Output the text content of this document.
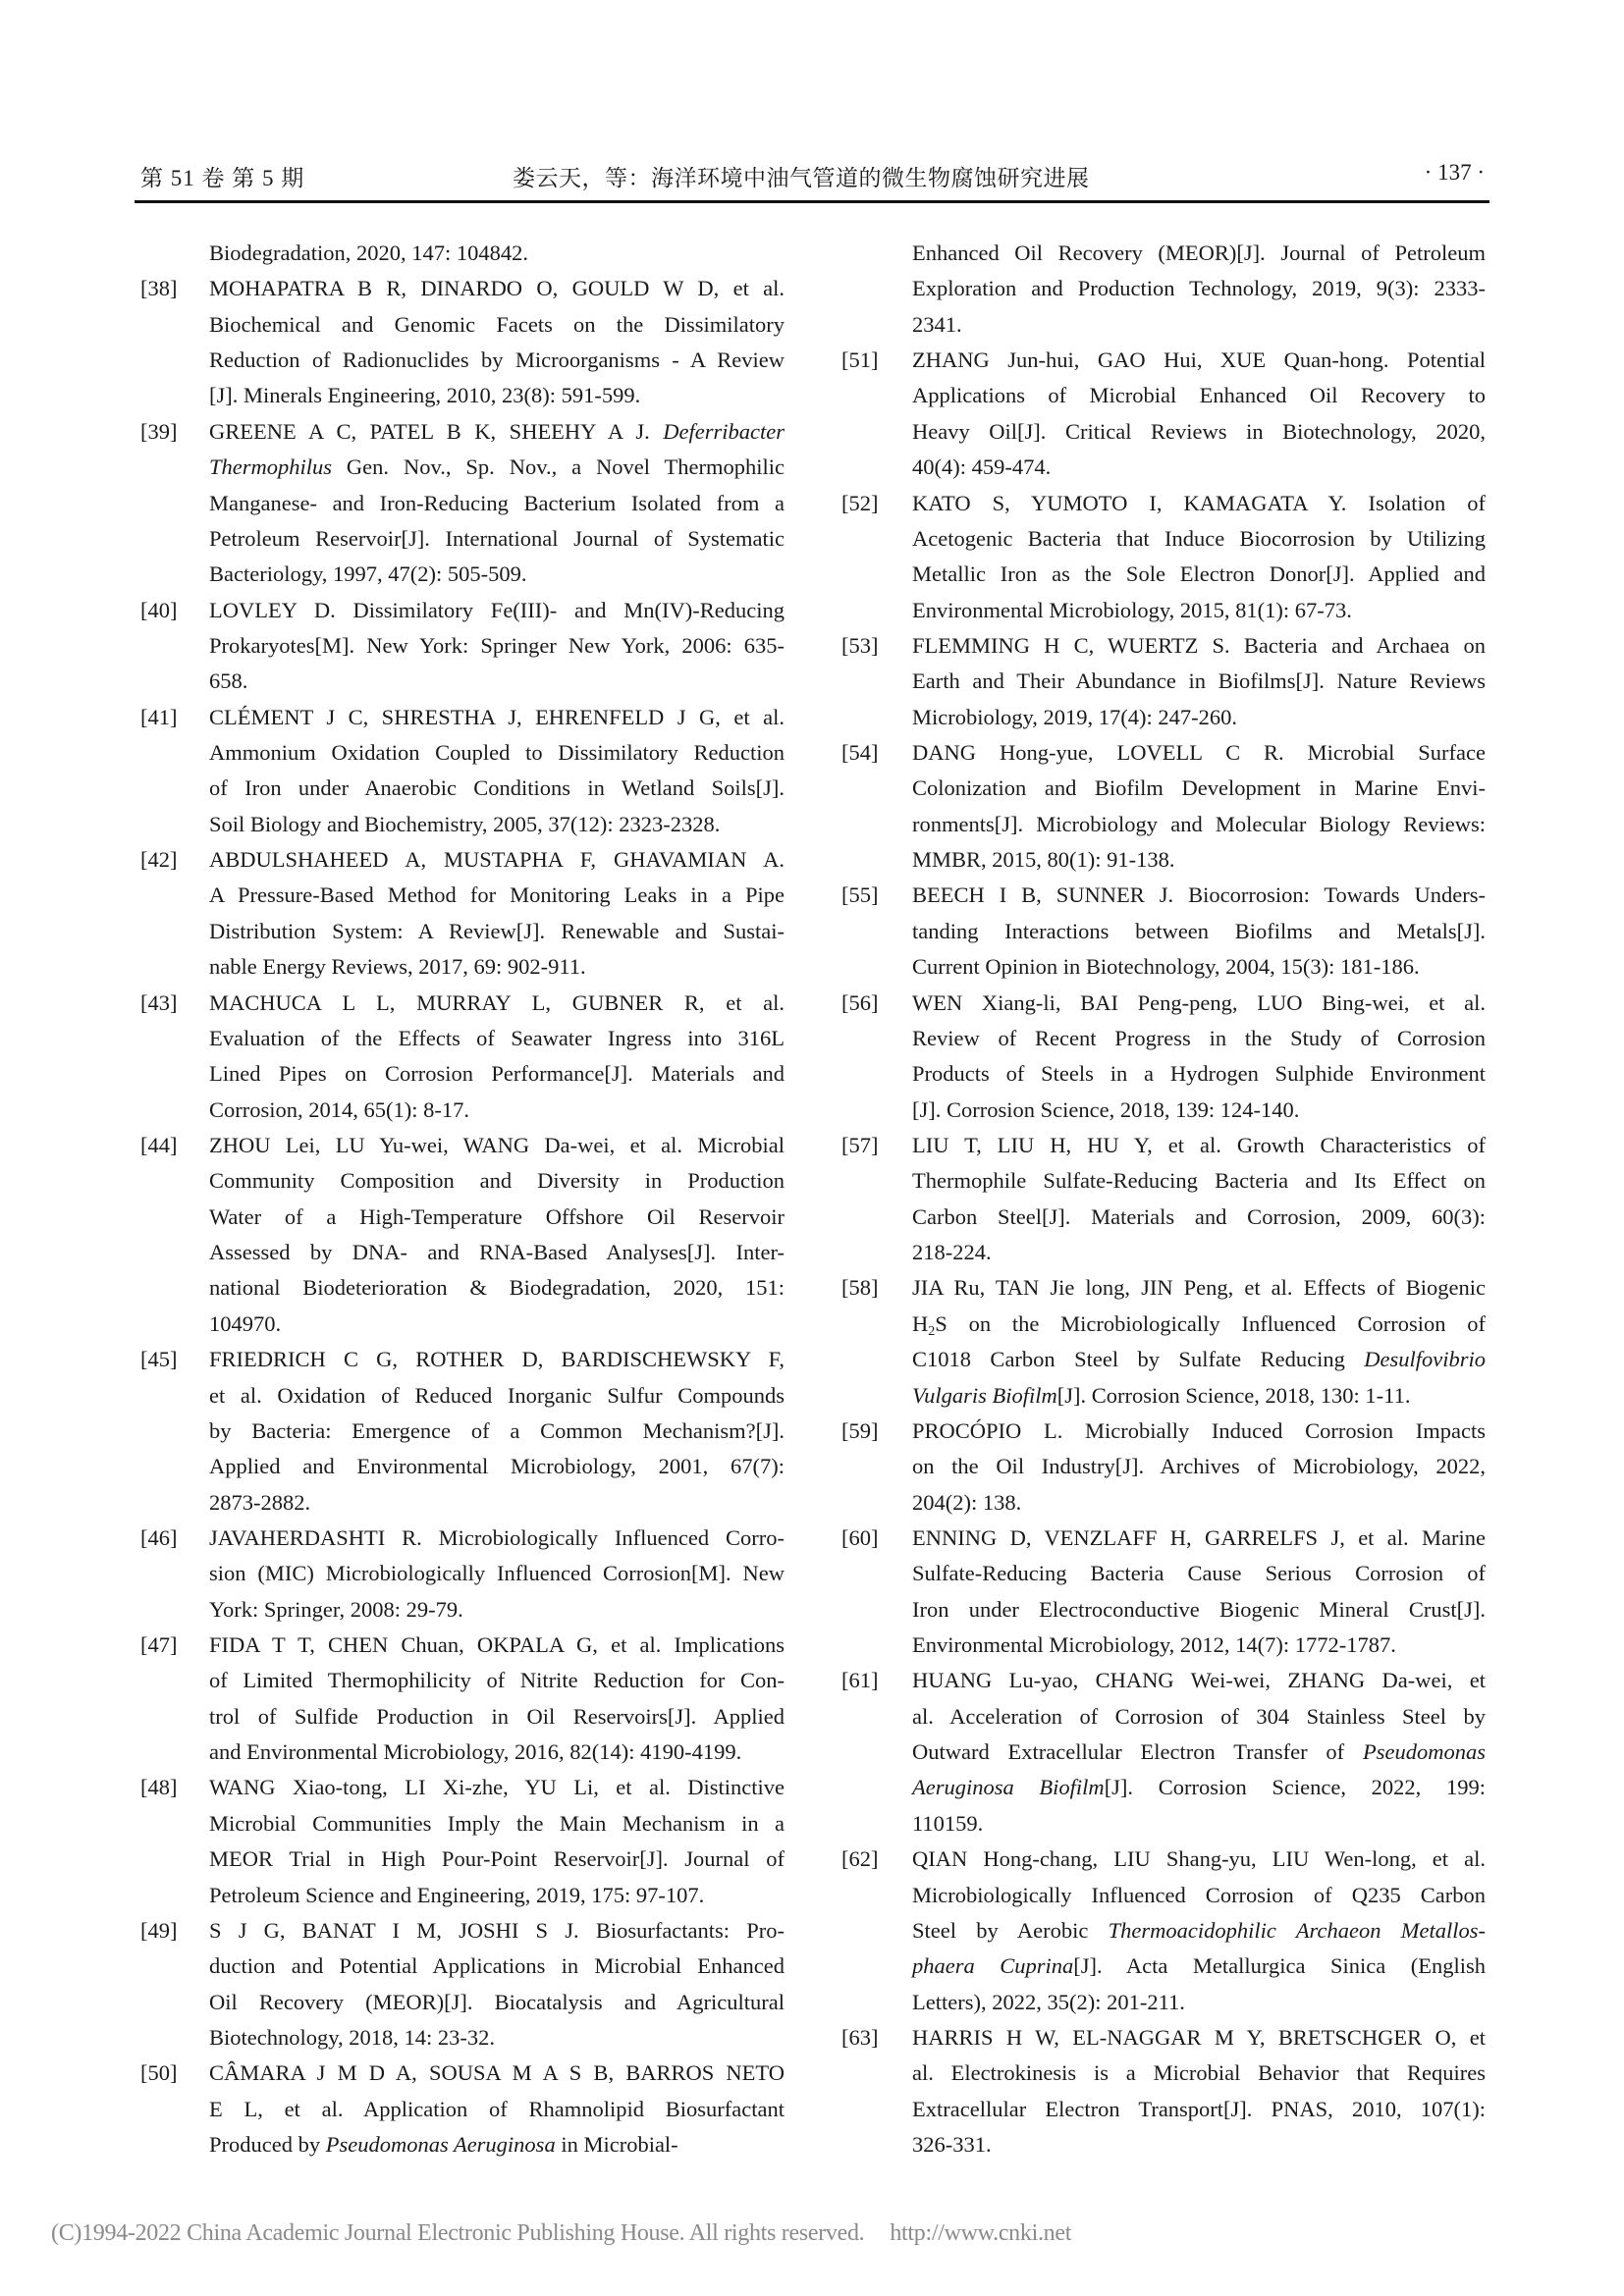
第 51 卷 第 5 期	娄云天，等：海洋环境中油气管道的微生物腐蚀研究进展	· 137 ·
Biodegradation, 2020, 147: 104842.
[38] MOHAPATRA B R, DINARDO O, GOULD W D, et al.
Biochemical and Genomic Facets on the Dissimilatory
Reduction of Radionuclides by Microorganisms - A Review
[J]. Minerals Engineering, 2010, 23(8): 591-599.
[39] GREENE A C, PATEL B K, SHEEHY A J. Deferribacter
Thermophilus Gen. Nov., Sp. Nov., a Novel Thermophilic
Manganese- and Iron-Reducing Bacterium Isolated from a
Petroleum Reservoir[J]. International Journal of Systematic
Bacteriology, 1997, 47(2): 505-509.
[40] LOVLEY D. Dissimilatory Fe(III)- and Mn(IV)-Reducing
Prokaryotes[M]. New York: Springer New York, 2006: 635-
658.
[41] CLÉMENT J C, SHRESTHA J, EHRENFELD J G, et al.
Ammonium Oxidation Coupled to Dissimilatory Reduction
of Iron under Anaerobic Conditions in Wetland Soils[J].
Soil Biology and Biochemistry, 2005, 37(12): 2323-2328.
[42] ABDULSHAHEED A, MUSTAPHA F, GHAVAMIAN A.
A Pressure-Based Method for Monitoring Leaks in a Pipe
Distribution System: A Review[J]. Renewable and Sustai-
nable Energy Reviews, 2017, 69: 902-911.
[43] MACHUCA L L, MURRAY L, GUBNER R, et al.
Evaluation of the Effects of Seawater Ingress into 316L
Lined Pipes on Corrosion Performance[J]. Materials and
Corrosion, 2014, 65(1): 8-17.
[44] ZHOU Lei, LU Yu-wei, WANG Da-wei, et al. Microbial
Community Composition and Diversity in Production
Water of a High-Temperature Offshore Oil Reservoir
Assessed by DNA- and RNA-Based Analyses[J]. Inter-
national Biodeterioration & Biodegradation, 2020, 151:
104970.
[45] FRIEDRICH C G, ROTHER D, BARDISCHEWSKY F,
et al. Oxidation of Reduced Inorganic Sulfur Compounds
by Bacteria: Emergence of a Common Mechanism?[J].
Applied and Environmental Microbiology, 2001, 67(7):
2873-2882.
[46] JAVAHERDASHTI R. Microbiologically Influenced Corro-
sion (MIC) Microbiologically Influenced Corrosion[M]. New
York: Springer, 2008: 29-79.
[47] FIDA T T, CHEN Chuan, OKPALA G, et al. Implications
of Limited Thermophilicity of Nitrite Reduction for Con-
trol of Sulfide Production in Oil Reservoirs[J]. Applied
and Environmental Microbiology, 2016, 82(14): 4190-4199.
[48] WANG Xiao-tong, LI Xi-zhe, YU Li, et al. Distinctive
Microbial Communities Imply the Main Mechanism in a
MEOR Trial in High Pour-Point Reservoir[J]. Journal of
Petroleum Science and Engineering, 2019, 175: 97-107.
[49] S J G, BANAT I M, JOSHI S J. Biosurfactants: Pro-
duction and Potential Applications in Microbial Enhanced
Oil Recovery (MEOR)[J]. Biocatalysis and Agricultural
Biotechnology, 2018, 14: 23-32.
[50] CÂMARA J M D A, SOUSA M A S B, BARROS NETO
E L, et al. Application of Rhamnolipid Biosurfactant
Produced by Pseudomonas Aeruginosa in Microbial-
Enhanced Oil Recovery (MEOR)[J]. Journal of Petroleum
Exploration and Production Technology, 2019, 9(3): 2333-
2341.
[51] ZHANG Jun-hui, GAO Hui, XUE Quan-hong. Potential
Applications of Microbial Enhanced Oil Recovery to
Heavy Oil[J]. Critical Reviews in Biotechnology, 2020,
40(4): 459-474.
[52] KATO S, YUMOTO I, KAMAGATA Y. Isolation of
Acetogenic Bacteria that Induce Biocorrosion by Utilizing
Metallic Iron as the Sole Electron Donor[J]. Applied and
Environmental Microbiology, 2015, 81(1): 67-73.
[53] FLEMMING H C, WUERTZ S. Bacteria and Archaea on
Earth and Their Abundance in Biofilms[J]. Nature Reviews
Microbiology, 2019, 17(4): 247-260.
[54] DANG Hong-yue, LOVELL C R. Microbial Surface
Colonization and Biofilm Development in Marine Envi-
ronments[J]. Microbiology and Molecular Biology Reviews:
MMBR, 2015, 80(1): 91-138.
[55] BEECH I B, SUNNER J. Biocorrosion: Towards Unders-
tanding Interactions between Biofilms and Metals[J].
Current Opinion in Biotechnology, 2004, 15(3): 181-186.
[56] WEN Xiang-li, BAI Peng-peng, LUO Bing-wei, et al.
Review of Recent Progress in the Study of Corrosion
Products of Steels in a Hydrogen Sulphide Environment
[J]. Corrosion Science, 2018, 139: 124-140.
[57] LIU T, LIU H, HU Y, et al. Growth Characteristics of
Thermophile Sulfate-Reducing Bacteria and Its Effect on
Carbon Steel[J]. Materials and Corrosion, 2009, 60(3):
218-224.
[58] JIA Ru, TAN Jie long, JIN Peng, et al. Effects of Biogenic
$H_2S$ on the Microbiologically Influenced Corrosion of
C1018 Carbon Steel by Sulfate Reducing Desulfovibrio
Vulgaris Biofilm[J]. Corrosion Science, 2018, 130: 1-11.
[59] PROCÓPIO L. Microbially Induced Corrosion Impacts
on the Oil Industry[J]. Archives of Microbiology, 2022,
204(2): 138.
[60] ENNING D, VENZLAFF H, GARRELFS J, et al. Marine
Sulfate-Reducing Bacteria Cause Serious Corrosion of
Iron under Electroconductive Biogenic Mineral Crust[J].
Environmental Microbiology, 2012, 14(7): 1772-1787.
[61] HUANG Lu-yao, CHANG Wei-wei, ZHANG Da-wei, et
al. Acceleration of Corrosion of 304 Stainless Steel by
Outward Extracellular Electron Transfer of Pseudomonas
Aeruginosa Biofilm[J]. Corrosion Science, 2022, 199:
110159.
[62] QIAN Hong-chang, LIU Shang-yu, LIU Wen-long, et al.
Microbiologically Influenced Corrosion of Q235 Carbon
Steel by Aerobic Thermoacidophilic Archaeon Metallos-
phaera Cuprina[J]. Acta Metallurgica Sinica (English
Letters), 2022, 35(2): 201-211.
[63] HARRIS H W, EL-NAGGAR M Y, BRETSCHGER O, et
al. Electrokinesis is a Microbial Behavior that Requires
Extracellular Electron Transport[J]. PNAS, 2010, 107(1):
326-331.
(C)1994-2022 China Academic Journal Electronic Publishing House. All rights reserved. http://www.cnki.net
